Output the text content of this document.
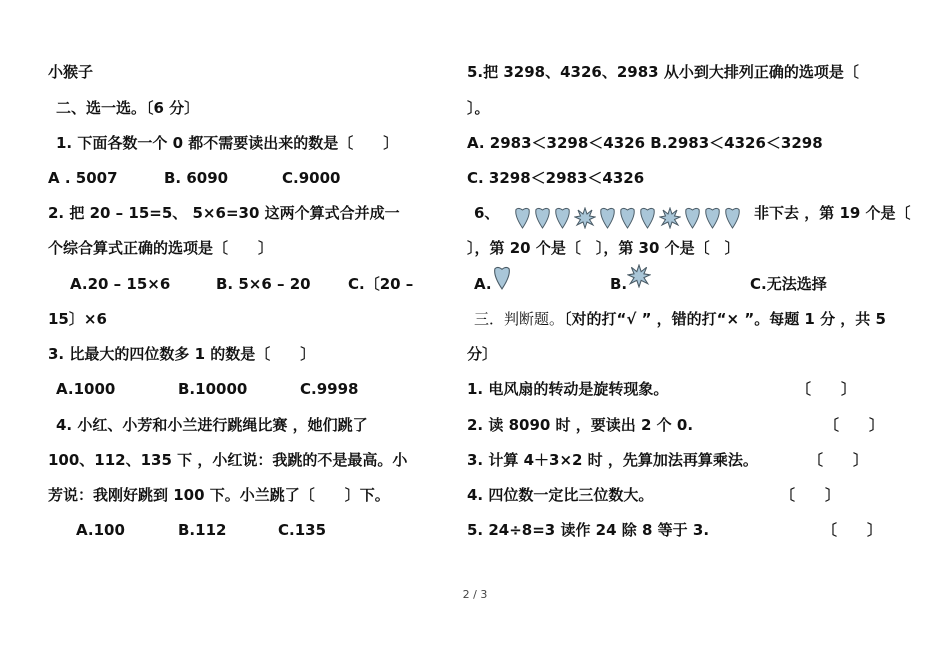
小猴子
二、选一选。〔6 分〕
1. 下面各数一个 0 都不需要读出来的数是〔　　〕
A . 5007	B. 6090	C.9000
2. 把 20 – 15=5、 5×6=30 这两个算式合并成一
个综合算式正确的选项是〔　　〕
A.20 – 15×6	B. 5×6 – 20 C.〔20 –
15〕×6
3. 比最大的四位数多 1 的数是〔　　〕
A.1000	B.10000	C.9998
4. 小红、小芳和小兰进行跳绳比赛 ，她们跳了
100、112、135 下 ，小红说：我跳的不是最高。小
芳说：我刚好跳到 100 下。小兰跳了〔　　〕下。
A.100	B.112	C.135
5.把 3298、4326、2983 从小到大排列正确的选项是〔
〕。
A. 2983＜3298＜4326 B.2983＜4326＜3298
C. 3298＜2983＜4326
6、	非下去 ，第 19 个是〔
〕，第 20 个是〔　〕，第 30 个是〔　〕
A.	B.	C.无法选择
三．判断题。〔对的打“√ ” ，错的打“× ”。每题 1 分 ，共 5
分〕
1. 电风扇的转动是旋转现象。	〔　　〕
2. 读 8090 时 ，要读出 2 个 0.	〔　　〕
3. 计算 4＋3×2 时 ，先算加法再算乘法。	〔　　〕
4. 四位数一定比三位数大。	〔　　〕
5. 24÷8=3 读作 24 除 8 等于 3.	〔　　〕
2 / 3
